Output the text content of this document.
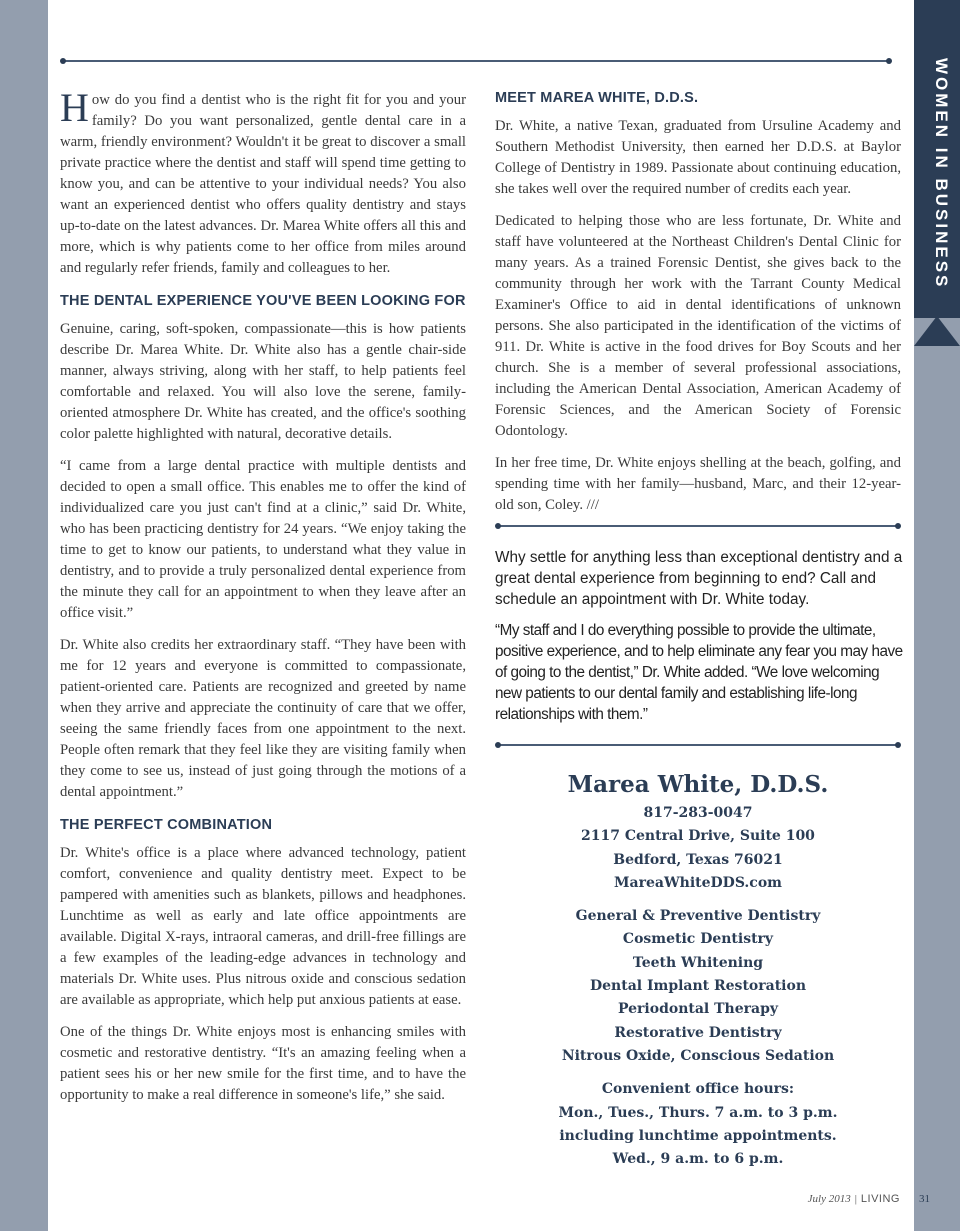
WOMEN IN BUSINESS

How do you find a dentist who is the right fit for you and your family? Do you want personalized, gentle dental care in a warm, friendly environment? Wouldn't it be great to discover a small private practice where the dentist and staff will spend time getting to know you, and can be attentive to your individual needs? You also want an experienced dentist who offers quality dentistry and stays up-to-date on the latest advances. Dr. Marea White offers all this and more, which is why patients come to her office from miles around and regularly refer friends, family and colleagues to her.

THE DENTAL EXPERIENCE YOU'VE BEEN LOOKING FOR

Genuine, caring, soft-spoken, compassionate—this is how patients describe Dr. Marea White. Dr. White also has a gentle chair-side manner, always striving, along with her staff, to help patients feel comfortable and relaxed. You will also love the serene, family-oriented atmosphere Dr. White has created, and the office's soothing color palette highlighted with natural, decorative details.

“I came from a large dental practice with multiple dentists and decided to open a small office. This enables me to offer the kind of individualized care you just can't find at a clinic,” said Dr. White, who has been practicing dentistry for 24 years. “We enjoy taking the time to get to know our patients, to understand what they value in dentistry, and to provide a truly personalized dental experience from the minute they call for an appointment to when they leave after an office visit.”

Dr. White also credits her extraordinary staff. “They have been with me for 12 years and everyone is committed to compassionate, patient-oriented care. Patients are recognized and greeted by name when they arrive and appreciate the continuity of care that we offer, seeing the same friendly faces from one appointment to the next. People often remark that they feel like they are visiting family when they come to see us, instead of just going through the motions of a dental appointment.”

THE PERFECT COMBINATION

Dr. White's office is a place where advanced technology, patient comfort, convenience and quality dentistry meet. Expect to be pampered with amenities such as blankets, pillows and headphones. Lunchtime as well as early and late office appointments are available. Digital X-rays, intraoral cameras, and drill-free fillings are a few examples of the leading-edge advances in technology and materials Dr. White uses. Plus nitrous oxide and conscious sedation are available as appropriate, which help put anxious patients at ease.

One of the things Dr. White enjoys most is enhancing smiles with cosmetic and restorative dentistry. “It's an amazing feeling when a patient sees his or her new smile for the first time, and to have the opportunity to make a real difference in someone's life,” she said.

MEET MAREA WHITE, D.D.S.

Dr. White, a native Texan, graduated from Ursuline Academy and Southern Methodist University, then earned her D.D.S. at Baylor College of Dentistry in 1989. Passionate about continuing education, she takes well over the required number of credits each year.

Dedicated to helping those who are less fortunate, Dr. White and staff have volunteered at the Northeast Children's Dental Clinic for many years. As a trained Forensic Dentist, she gives back to the community through her work with the Tarrant County Medical Examiner's Office to aid in dental identifications of unknown persons. She also participated in the identification of the victims of 911. Dr. White is active in the food drives for Boy Scouts and her church. She is a member of several professional associations, including the American Dental Association, American Academy of Forensic Sciences, and the American Society of Forensic Odontology.

In her free time, Dr. White enjoys shelling at the beach, golfing, and spending time with her family—husband, Marc, and their 12-year-old son, Coley. ///

Why settle for anything less than exceptional dentistry and a great dental experience from beginning to end? Call and schedule an appointment with Dr. White today.

“My staff and I do everything possible to provide the ultimate, positive experience, and to help eliminate any fear you may have of going to the dentist,” Dr. White added. “We love welcoming new patients to our dental family and establishing life-long relationships with them.”

Marea White, D.D.S.
817-283-0047
2117 Central Drive, Suite 100
Bedford, Texas 76021
MareaWhiteDDS.com
General & Preventive Dentistry
Cosmetic Dentistry
Teeth Whitening
Dental Implant Restoration
Periodontal Therapy
Restorative Dentistry
Nitrous Oxide, Conscious Sedation
Convenient office hours:
Mon., Tues., Thurs. 7 a.m. to 3 p.m.
including lunchtime appointments.
Wed., 9 a.m. to 6 p.m.
July 2013 | LIVING 31
